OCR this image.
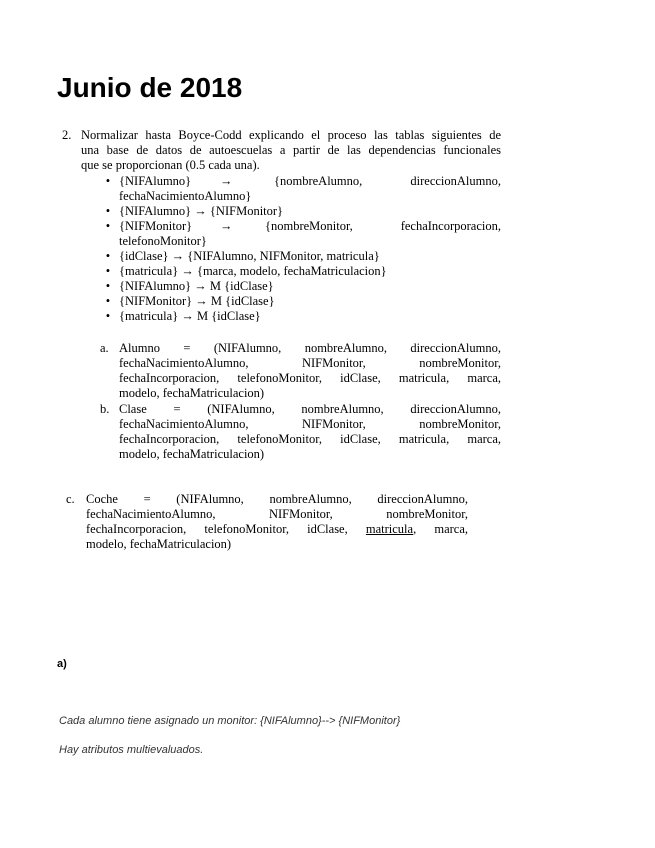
Junio de 2018
2. Normalizar hasta Boyce-Codd explicando el proceso las tablas siguientes de
una base de datos de autoescuelas a partir de las dependencias funcionales
que se proporcionan (0.5 cada una).
• {NIFAlumno} →	{nombreAlumno,	direccionAlumno,
fechaNacimientoAlumno}
• {NIFAlumno} → {NIFMonitor}
• {NIFMonitor} →	{nombreMonitor,	fechaIncorporacion,
telefonoMonitor}
• {idClase} → {NIFAlumno, NIFMonitor, matricula}
• {matricula} → {marca, modelo, fechaMatriculacion}
• {NIFAlumno} → M {idClase}
• {NIFMonitor} → M {idClase}
• {matricula} → M {idClase}
a. Alumno = (NIFAlumno, nombreAlumno, direccionAlumno,
fechaNacimientoAlumno, NIFMonitor, nombreMonitor,
fechaIncorporacion, telefonoMonitor, idClase, matricula, marca,
modelo, fechaMatriculacion)
b. Clase = (NIFAlumno, nombreAlumno, direccionAlumno,
fechaNacimientoAlumno, NIFMonitor, nombreMonitor,
fechaIncorporacion, telefonoMonitor, idClase, matricula, marca,
modelo, fechaMatriculacion)
c. Coche = (NIFAlumno, nombreAlumno, direccionAlumno,
fechaNacimientoAlumno, NIFMonitor, nombreMonitor,
fechaIncorporacion, telefonoMonitor, idClase, matricula, marca,
modelo, fechaMatriculacion)
a)
Cada alumno tiene asignado un monitor: {NIFAlumno}--> {NIFMonitor}
Hay atributos multievaluados.
